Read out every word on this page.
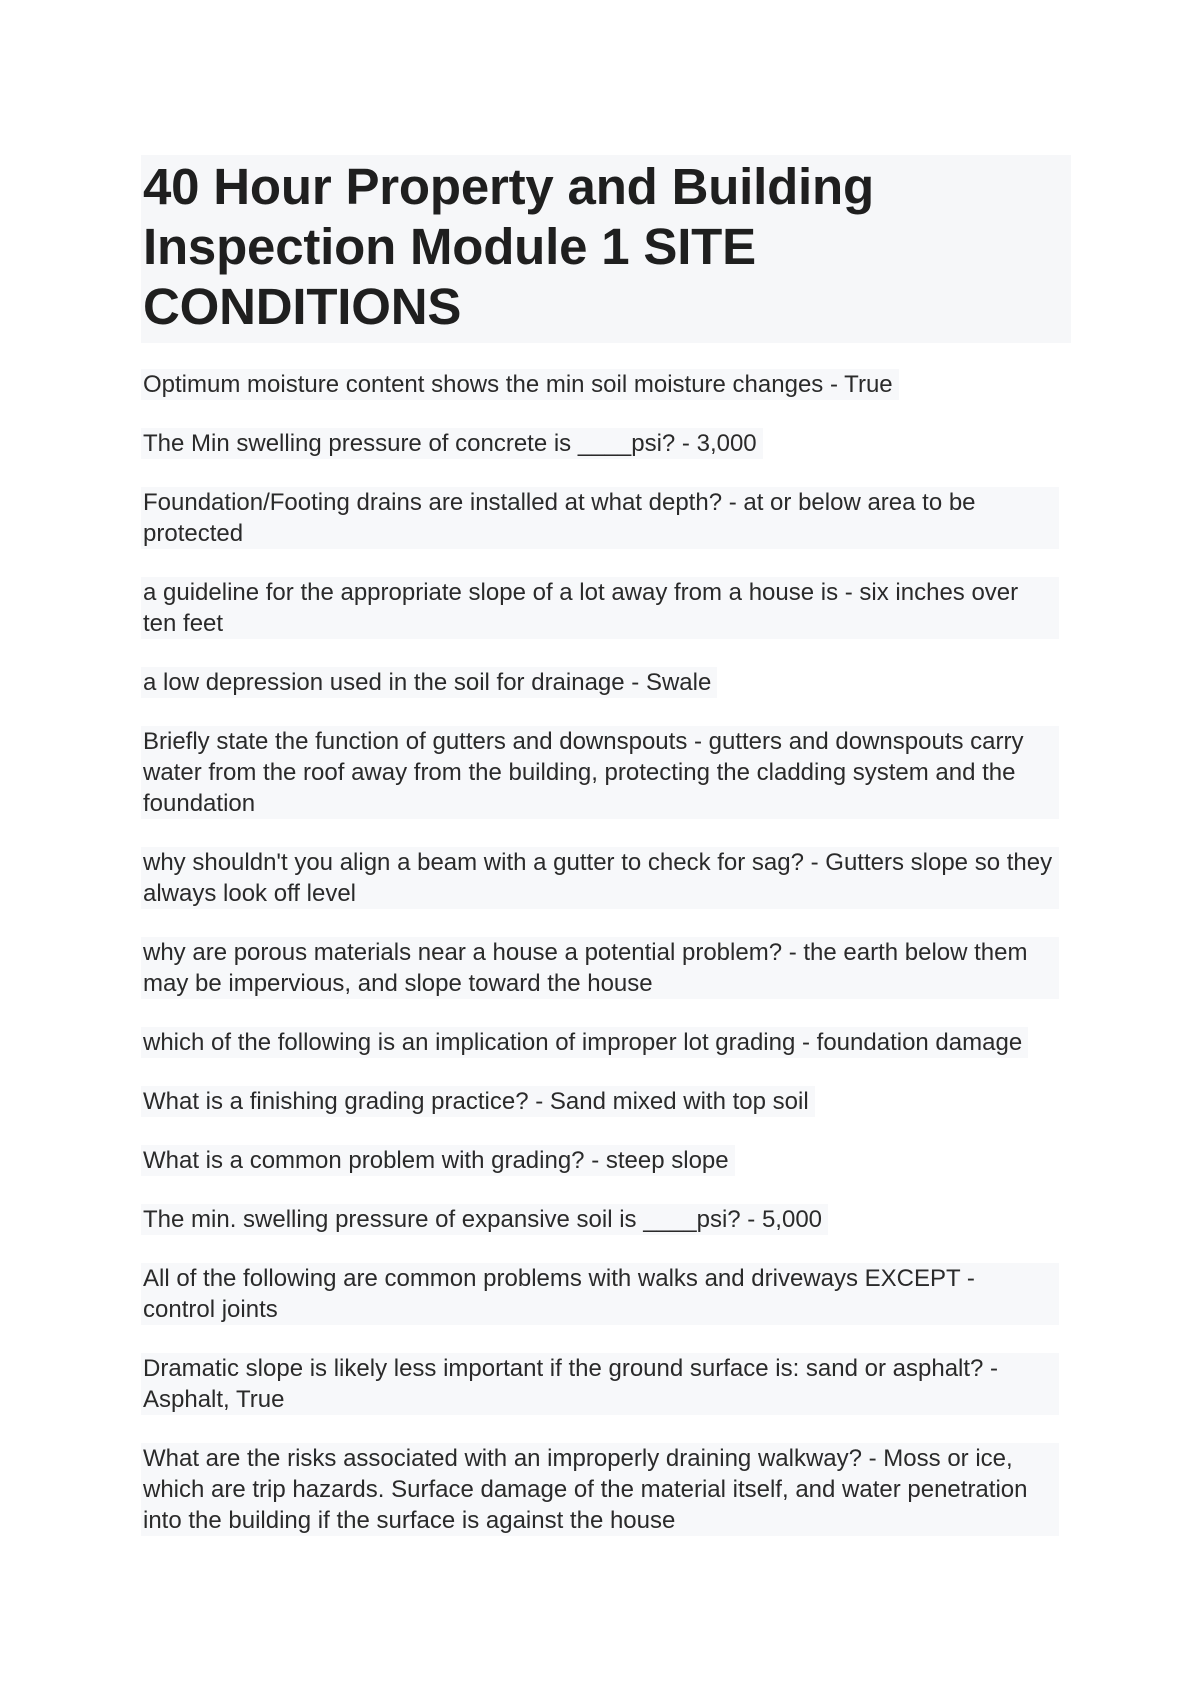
40 Hour Property and Building Inspection Module 1 SITE CONDITIONS
Optimum moisture content shows the min soil moisture changes - True
The Min swelling pressure of concrete is ____psi? - 3,000
Foundation/Footing drains are installed at what depth? - at or below area to be protected
a guideline for the appropriate slope of a lot away from a house is - six inches over ten feet
a low depression used in the soil for drainage - Swale
Briefly state the function of gutters and downspouts - gutters and downspouts carry water from the roof away from the building, protecting the cladding system and the foundation
why shouldn't you align a beam with a gutter to check for sag? - Gutters slope so they always look off level
why are porous materials near a house a potential problem? - the earth below them may be impervious, and slope toward the house
which of the following is an implication of improper lot grading - foundation damage
What is a finishing grading practice? - Sand mixed with top soil
What is a common problem with grading? - steep slope
The min. swelling pressure of expansive soil is ____psi? - 5,000
All of the following are common problems with walks and driveways EXCEPT - control joints
Dramatic slope is likely less important if the ground surface is: sand or asphalt? - Asphalt, True
What are the risks associated with an improperly draining walkway? - Moss or ice, which are trip hazards. Surface damage of the material itself, and water penetration into the building if the surface is against the house
